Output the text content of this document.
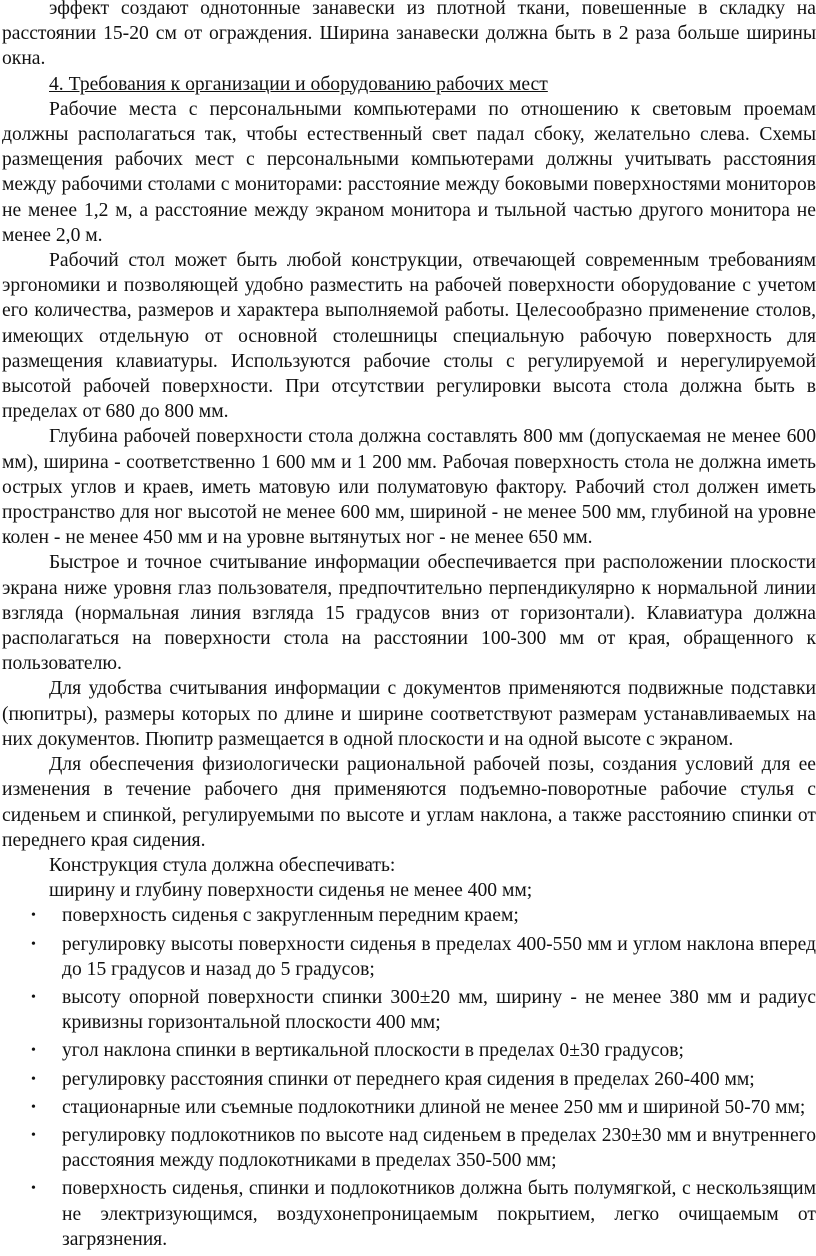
эффект создают однотонные занавески из плотной ткани, повешенные в складку на расстоянии 15-20 см от ограждения. Ширина занавески должна быть в 2 раза больше ширины окна.

4. Требования к организации и оборудованию рабочих мест

Рабочие места с персональными компьютерами по отношению к световым проемам должны располагаться так, чтобы естественный свет падал сбоку, желательно слева. Схемы размещения рабочих мест с персональными компьютерами должны учитывать расстояния между рабочими столами с мониторами: расстояние между боковыми поверхностями мониторов не менее 1,2 м, а расстояние между экраном монитора и тыльной частью другого монитора не менее 2,0 м.

Рабочий стол может быть любой конструкции, отвечающей современным требованиям эргономики и позволяющей удобно разместить на рабочей поверхности оборудование с учетом его количества, размеров и характера выполняемой работы. Целесообразно применение столов, имеющих отдельную от основной столешницы специальную рабочую поверхность для размещения клавиатуры. Используются рабочие столы с регулируемой и нерегулируемой высотой рабочей поверхности. При отсутствии регулировки высота стола должна быть в пределах от 680 до 800 мм.

Глубина рабочей поверхности стола должна составлять 800 мм (допускаемая не менее 600 мм), ширина - соответственно 1 600 мм и 1 200 мм. Рабочая поверхность стола не должна иметь острых углов и краев, иметь матовую или полуматовую фактору. Рабочий стол должен иметь пространство для ног высотой не менее 600 мм, шириной - не менее 500 мм, глубиной на уровне колен - не менее 450 мм и на уровне вытянутых ног - не менее 650 мм.

Быстрое и точное считывание информации обеспечивается при расположении плоскости экрана ниже уровня глаз пользователя, предпочтительно перпендикулярно к нормальной линии взгляда (нормальная линия взгляда 15 градусов вниз от горизонтали). Клавиатура должна располагаться на поверхности стола на расстоянии 100-300 мм от края, обращенного к пользователю.

Для удобства считывания информации с документов применяются подвижные подставки (пюпитры), размеры которых по длине и ширине соответствуют размерам устанавливаемых на них документов. Пюпитр размещается в одной плоскости и на одной высоте с экраном.

Для обеспечения физиологически рациональной рабочей позы, создания условий для ее изменения в течение рабочего дня применяются подъемно-поворотные рабочие стулья с сиденьем и спинкой, регулируемыми по высоте и углам наклона, а также расстоянию спинки от переднего края сидения.

Конструкция стула должна обеспечивать:

ширину и глубину поверхности сиденья не менее 400 мм;

• поверхность сиденья с закругленным передним краем;
• регулировку высоты поверхности сиденья в пределах 400-550 мм и углом наклона вперед до 15 градусов и назад до 5 градусов;
• высоту опорной поверхности спинки 300±20 мм, ширину - не менее 380 мм и радиус кривизны горизонтальной плоскости 400 мм;
• угол наклона спинки в вертикальной плоскости в пределах 0±30 градусов;
• регулировку расстояния спинки от переднего края сидения в пределах 260-400 мм;
• стационарные или съемные подлокотники длиной не менее 250 мм и шириной 50-70 мм;
• регулировку подлокотников по высоте над сиденьем в пределах 230±30 мм и внутреннего расстояния между подлокотниками в пределах 350-500 мм;
• поверхность сиденья, спинки и подлокотников должна быть полумягкой, с нескользящим не электризующимся, воздухонепроницаемым покрытием, легко очищаемым от загрязнения.
